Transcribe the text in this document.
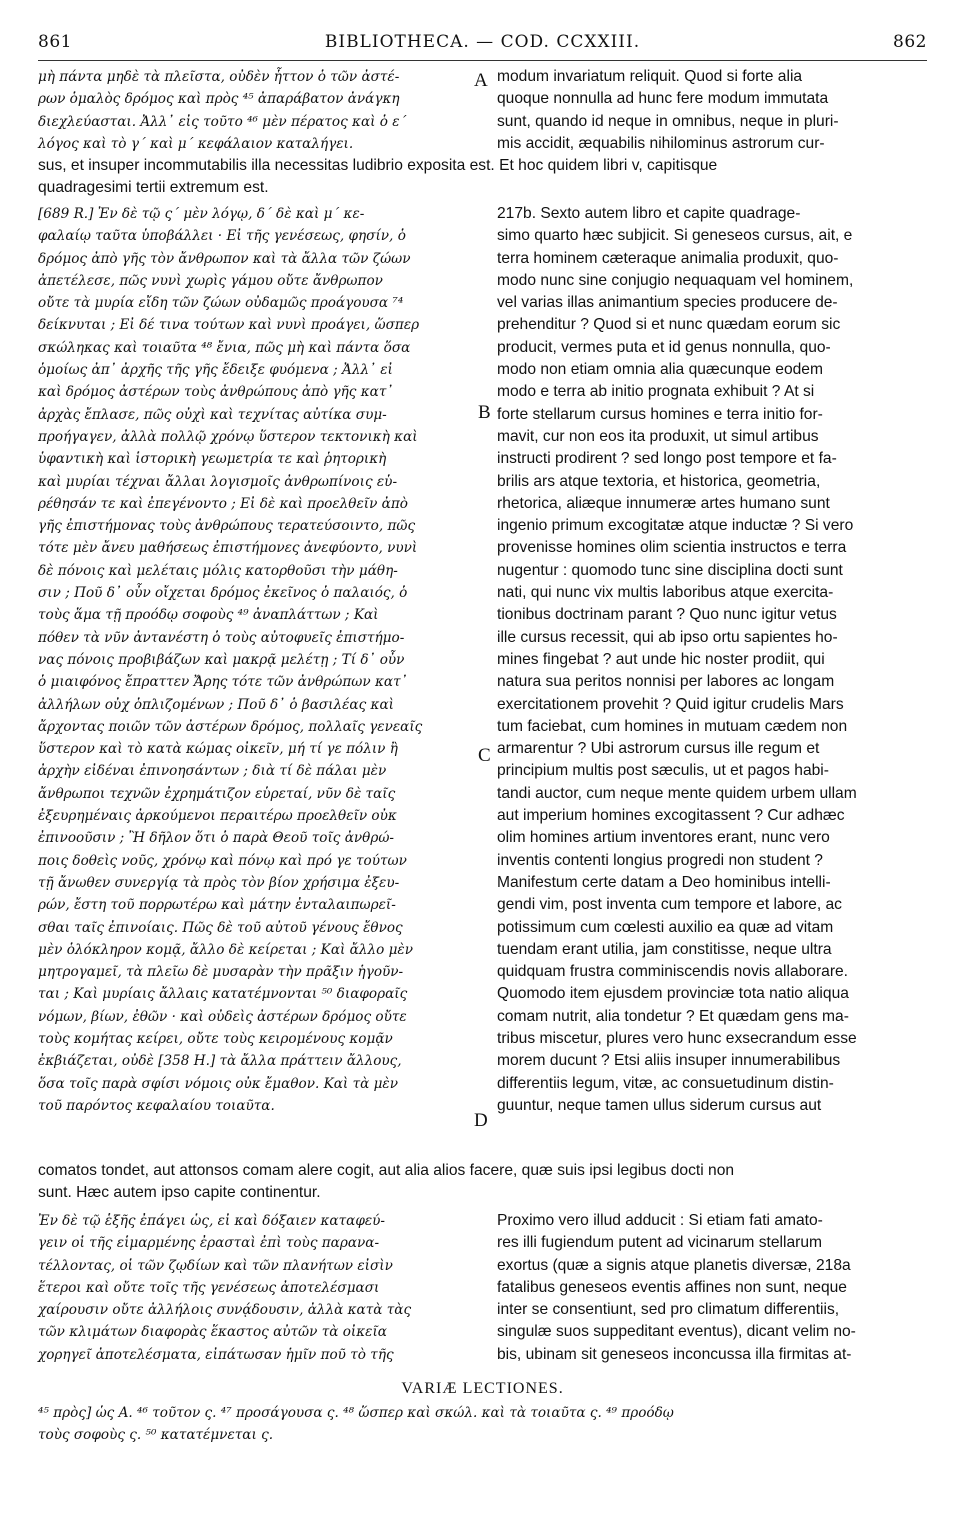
861	BIBLIOTHECA. — COD. CCXXIII.	862
μὴ πάντα μηδὲ τὰ πλεῖστα, οὐδὲν ἧττον ὁ τῶν ἀστέ-
ρων ὁμαλὸς δρόμος καὶ πρὸς ⁴⁵ ἀπαράβατον ἀνάγκη
διεχλεύασται. Ἀλλ᾽ εἰς τοῦτο ⁴⁶ μὲν πέρατος καὶ ὁ ε´
λόγος καὶ τὸ γ´ καὶ μ´ κεφάλαιον καταλήγει.
A modum invariatum reliquit. Quod si forte alia
quoque nonnulla ad hunc fere modum immutata
sunt, quando id neque in omnibus, neque in pluri-
mis accidit, æquabilis nihilominus astrorum cur-
sus, et insuper incommutabilis illa necessitas ludibrio exposita est. Et hoc quidem libri v, capitisque
quadragesimi tertii extremum est.
[689 R.] Ἐν δὲ τῷ ς´ μὲν λόγῳ, δ´ δὲ καὶ μ´ κε-
φαλαίῳ ταῦτα ὑποβάλλει · Εἰ τῆς γενέσεως, φησίν, ὁ
δρόμος ἀπὸ γῆς τὸν ἄνθρωπον καὶ τὰ ἄλλα τῶν ζώων
ἀπετέλεσε, πῶς νυνὶ χωρὶς γάμου οὔτε ἄνθρωπον
οὔτε τὰ μυρία εἴδη τῶν ζώων οὐδαμῶς προάγουσα ⁷⁴
δείκνυται ; Εἰ δέ τινα τούτων καὶ νυνὶ προάγει, ὥσπερ
σκώληκας καὶ τοιαῦτα ⁴⁸ ἔνια, πῶς μὴ καὶ πάντα ὅσα
ὁμοίως ἀπ᾽ ἀρχῆς τῆς γῆς ἔδειξε φυόμενα ; Ἀλλ᾽ εἰ
καὶ δρόμος ἀστέρων τοὺς ἀνθρώπους ἀπὸ γῆς κατ᾽
ἀρχὰς ἔπλασε, πῶς οὐχὶ καὶ τεχνίτας αὐτίκα συμ-
προήγαγεν, ἀλλὰ πολλῷ χρόνῳ ὕστερον τεκτονικὴ καὶ
ὑφαντικὴ καὶ ἱστορικὴ γεωμετρία τε καὶ ῥητορικὴ
καὶ μυρίαι τέχναι ἄλλαι λογισμοῖς ἀνθρωπίνοις εὑ-
ρέθησάν τε καὶ ἐπεγένοντο ; Εἰ δὲ καὶ προελθεῖν ἀπὸ
γῆς ἐπιστήμονας τοὺς ἀνθρώπους τερατεύσοιντο, πῶς
τότε μὲν ἄνευ μαθήσεως ἐπιστήμονες ἀνεφύοντο, νυνὶ
δὲ πόνοις καὶ μελέταις μόλις κατορθοῦσι τὴν μάθη-
σιν ; Ποῦ δ᾽ οὖν οἴχεται δρόμος ἐκεῖνος ὁ παλαιός, ὁ
τοὺς ἅμα τῇ προόδῳ σοφοὺς ⁴⁹ ἀναπλάττων ; Καὶ
πόθεν τὰ νῦν ἀντανέστη ὁ τοὺς αὐτοφυεῖς ἐπιστήμο-
νας πόνοις προβιβάζων καὶ μακρᾷ μελέτῃ ; Τί δ᾽ οὖν
ὁ μιαιφόνος ἔπραττεν Ἄρης τότε τῶν ἀνθρώπων κατ᾽
ἀλλήλων οὐχ ὁπλιζομένων ; Ποῦ δ᾽ ὁ βασιλέας καὶ
ἄρχοντας ποιῶν τῶν ἀστέρων δρόμος, πολλαῖς γενεαῖς
ὕστερον καὶ τὸ κατὰ κώμας οἰκεῖν, μή τί γε πόλιν ἢ
ἀρχὴν εἰδέναι ἐπινοησάντων ; διὰ τί δὲ πάλαι μὲν
ἄνθρωποι τεχνῶν ἐχρημάτιζον εὑρεταί, νῦν δὲ ταῖς
ἐξευρημέναις ἀρκούμενοι περαιτέρω προελθεῖν οὐκ
ἐπινοοῦσιν ; Ἢ δῆλον ὅτι ὁ παρὰ Θεοῦ τοῖς ἀνθρώ-
ποις δοθεὶς νοῦς, χρόνῳ καὶ πόνῳ καὶ πρό γε τούτων
τῇ ἄνωθεν συνεργίᾳ τὰ πρὸς τὸν βίον χρήσιμα ἐξευ-
ρών, ἔστη τοῦ πορρωτέρω καὶ μάτην ἐνταλαιπωρεῖ-
σθαι ταῖς ἐπινοίαις. Πῶς δὲ τοῦ αὐτοῦ γένους ἔθνος
μὲν ὁλόκληρον κομᾷ, ἄλλο δὲ κείρεται ; Καὶ ἄλλο μὲν
μητρογαμεῖ, τὰ πλεῖω δὲ μυσαρὰν τὴν πρᾶξιν ἡγοῦν-
ται ; Καὶ μυρίαις ἄλλαις κατατέμνονται ⁵⁰ διαφοραῖς
νόμων, βίων, ἐθῶν · καὶ οὐδεὶς ἀστέρων δρόμος οὔτε
τοὺς κομήτας κείρει, οὔτε τοὺς κειρομένους κομᾷν
ἐκβιάζεται, οὐδὲ [358 H.] τὰ ἄλλα πράττειν ἄλλους,
ὅσα τοῖς παρὰ σφίσι νόμοις οὐκ ἔμαθον. Καὶ τὰ μὲν
τοῦ παρόντος κεφαλαίου τοιαῦτα.
B
C
D
217b. Sexto autem libro et capite quadrage-
simo quarto hæc subjicit. Si geneseos cursus, ait, e
terra hominem cæteraque animalia produxit, quo-
modo nunc sine conjugio nequaquam vel hominem,
vel varias illas animantium species producere de-
prehenditur ? Quod si et nunc quædam eorum sic
producit, vermes puta et id genus nonnulla, quo-
modo non etiam omnia alia quæcunque eodem
modo e terra ab initio prognata exhibuit ? At si
forte stellarum cursus homines e terra initio for-
mavit, cur non eos ita produxit, ut simul artibus
instructi prodirent ? sed longo post tempore et fa-
brilis ars atque textoria, et historica, geometria,
rhetorica, aliæque innumeræ artes humano sunt
ingenio primum excogitatæ atque inductæ ? Si vero
provenisse homines olim scientia instructos e terra
nugentur : quomodo tunc sine disciplina docti sunt
nati, qui nunc vix multis laboribus atque exercita-
tionibus doctrinam parant ? Quo nunc igitur vetus
ille cursus recessit, qui ab ipso ortu sapientes ho-
mines fingebat ? aut unde hic noster prodiit, qui
natura sua peritos nonnisi per labores ac longam
exercitationem provehit ? Quid igitur crudelis Mars
tum faciebat, cum homines in mutuam cædem non
armarentur ? Ubi astrorum cursus ille regum et
principium multis post sæculis, ut et pagos habi-
tandi auctor, cum neque mente quidem urbem ullam
aut imperium homines excogitassent ? Cur adhæc
olim homines artium inventores erant, nunc vero
inventis contenti longius progredi non student ?
Manifestum certe datam a Deo hominibus intelli-
gendi vim, post inventa cum tempore et labore, ac
potissimum cum cœlesti auxilio ea quæ ad vitam
tuendam erant utilia, jam constitisse, neque ultra
quidquam frustra comminiscendis novis allaborare.
Quomodo item ejusdem provinciæ tota natio aliqua
comam nutrit, alia tondetur ? Et quædam gens ma-
tribus miscetur, plures vero hunc exsecrandum esse
morem ducunt ? Etsi aliis insuper innumerabilibus
differentiis legum, vitæ, ac consuetudinum distin-
guuntur, neque tamen ullus siderum cursus aut
comatos tondet, aut attonsos comam alere cogit, aut alia alios facere, quæ suis ipsi legibus docti non
sunt. Hæc autem ipso capite continentur.
Ἐν δὲ τῷ ἑξῆς ἐπάγει ὡς, εἰ καὶ δόξαιεν καταφεύ-
γειν οἱ τῆς εἱμαρμένης ἐρασταὶ ἐπὶ τοὺς παρανα-
τέλλοντας, οἱ τῶν ζῳδίων καὶ τῶν πλανήτων εἰσὶν
ἕτεροι καὶ οὔτε τοῖς τῆς γενέσεως ἀποτελέσμασι
χαίρουσιν οὔτε ἀλλήλοις συνᾴδουσιν, ἀλλὰ κατὰ τὰς
τῶν κλιμάτων διαφορὰς ἕκαστος αὐτῶν τὰ οἰκεῖα
χορηγεῖ ἀποτελέσματα, εἰπάτωσαν ἡμῖν ποῦ τὸ τῆς
Proximo vero illud adducit : Si etiam fati amato-
res illi fugiendum putent ad vicinarum stellarum
exortus (quæ a signis atque planetis diversæ, 218a
fatalibus geneseos eventis affines non sunt, neque
inter se consentiunt, sed pro climatum differentiis,
singulæ suos suppeditant eventus), dicant velim no-
bis, ubinam sit geneseos inconcussa illa firmitas at-
VARIÆ LECTIONES.
⁴⁵ πρὸς] ὡς A. ⁴⁶ τοῦτον ς. ⁴⁷ προσάγουσα ς. ⁴⁸ ὥσπερ καὶ σκώλ. καὶ τὰ τοιαῦτα ς. ⁴⁹ προόδῳ
τοὺς σοφοὺς ς. ⁵⁰ κατατέμνεται ς.
